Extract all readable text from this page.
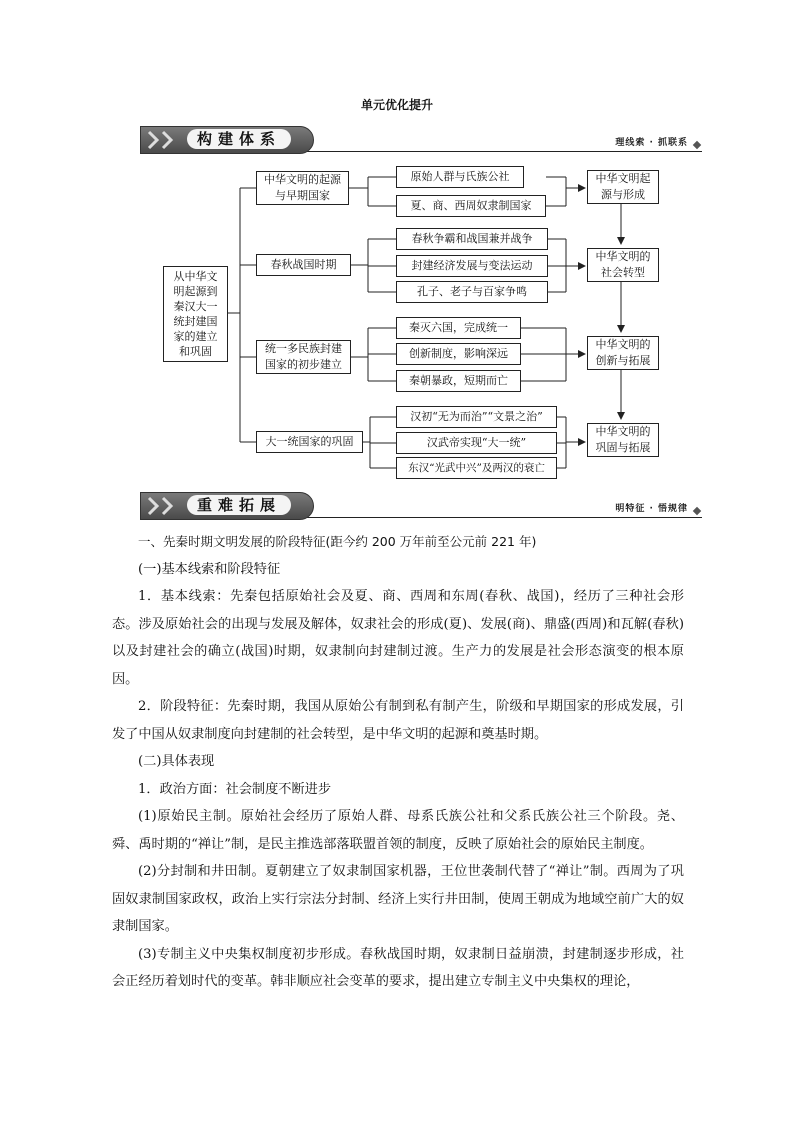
单元优化提升
构建体系	理线索 · 抓联系
从中华文明起源到秦汉大一统封建国家的建立和巩固
中华文明的起源与早期国家
春秋战国时期
统一多民族封建国家的初步建立
大一统国家的巩固
原始人群与氏族公社
夏、商、西周奴隶制国家
春秋争霸和战国兼并战争
封建经济发展与变法运动
孔子、老子与百家争鸣
秦灭六国，完成统一
创新制度，影响深远
秦朝暴政，短期而亡
汉初“无为而治”“文景之治”
汉武帝实现“大一统”
东汉“光武中兴”及两汉的衰亡
中华文明起源与形成
中华文明的社会转型
中华文明的创新与拓展
中华文明的巩固与拓展
重难拓展	明特征 · 悟规律

一、先秦时期文明发展的阶段特征(距今约 200 万年前至公元前 221 年)

(一)基本线索和阶段特征

1．基本线索：先秦包括原始社会及夏、商、西周和东周(春秋、战国)，经历了三种社会形态。涉及原始社会的出现与发展及解体，奴隶社会的形成(夏)、发展(商)、鼎盛(西周)和瓦解(春秋)以及封建社会的确立(战国)时期，奴隶制向封建制过渡。生产力的发展是社会形态演变的根本原因。

2．阶段特征：先秦时期，我国从原始公有制到私有制产生，阶级和早期国家的形成发展，引发了中国从奴隶制度向封建制的社会转型，是中华文明的起源和奠基时期。

(二)具体表现

1．政治方面：社会制度不断进步

(1)原始民主制。原始社会经历了原始人群、母系氏族公社和父系氏族公社三个阶段。尧、舜、禹时期的“禅让”制，是民主推选部落联盟首领的制度，反映了原始社会的原始民主制度。

(2)分封制和井田制。夏朝建立了奴隶制国家机器，王位世袭制代替了“禅让”制。西周为了巩固奴隶制国家政权，政治上实行宗法分封制、经济上实行井田制，使周王朝成为地域空前广大的奴隶制国家。

(3)专制主义中央集权制度初步形成。春秋战国时期，奴隶制日益崩溃，封建制逐步形成，社会正经历着划时代的变革。韩非顺应社会变革的要求，提出建立专制主义中央集权的理论，
